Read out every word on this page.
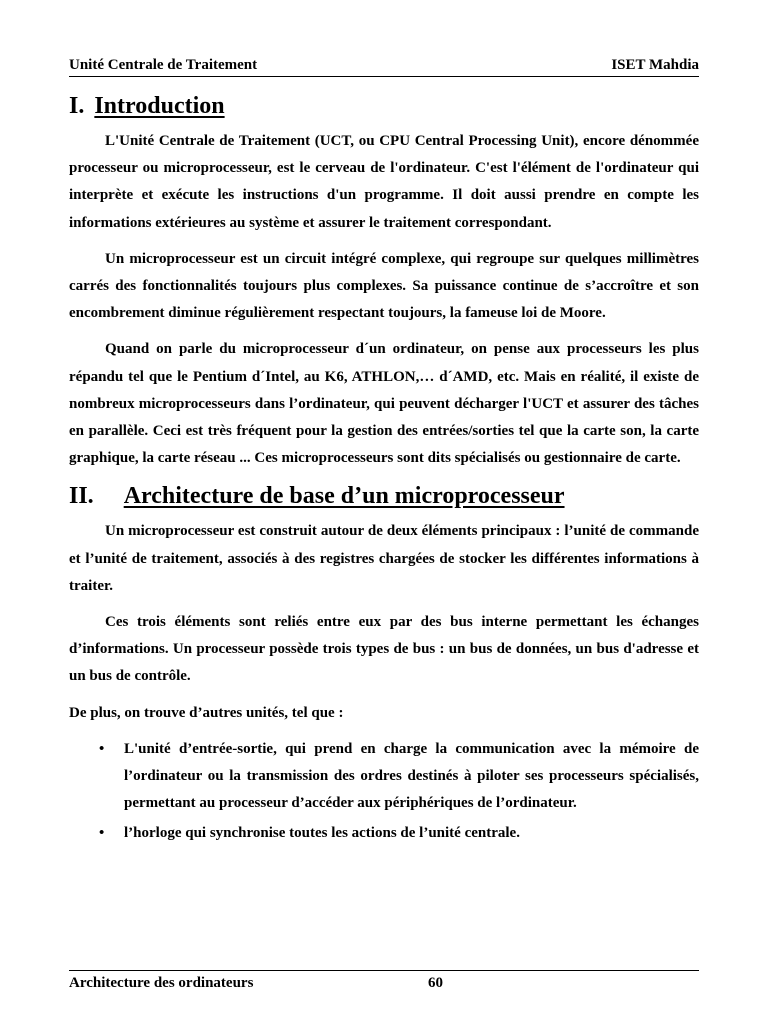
Unité Centrale de Traitement	ISET Mahdia
I. Introduction

L'Unité Centrale de Traitement (UCT, ou CPU Central Processing Unit), encore dénommée processeur ou microprocesseur, est le cerveau de l'ordinateur. C'est l'élément de l'ordinateur qui interprète et exécute les instructions d'un programme. Il doit aussi prendre en compte les informations extérieures au système et assurer le traitement correspondant.

Un microprocesseur est un circuit intégré complexe, qui regroupe sur quelques millimètres carrés des fonctionnalités toujours plus complexes. Sa puissance continue de s’accroître et son encombrement diminue régulièrement respectant toujours, la fameuse loi de Moore.

Quand on parle du microprocesseur d´un ordinateur, on pense aux processeurs les plus répandu tel que le Pentium d´Intel, au K6, ATHLON,… d´AMD, etc. Mais en réalité, il existe de nombreux microprocesseurs dans l’ordinateur, qui peuvent décharger l'UCT et assurer des tâches en parallèle. Ceci est très fréquent pour la gestion des entrées/sorties tel que la carte son, la carte graphique, la carte réseau ... Ces microprocesseurs sont dits spécialisés ou gestionnaire de carte.

II. Architecture de base d’un microprocesseur

Un microprocesseur est construit autour de deux éléments principaux : l’unité de commande et l’unité de traitement, associés à des registres chargées de stocker les différentes informations à traiter.

Ces trois éléments sont reliés entre eux par des bus interne permettant les échanges d’informations. Un processeur possède trois types de bus : un bus de données, un bus d'adresse et un bus de contrôle.

De plus, on trouve d’autres unités, tel que :

• L'unité d’entrée-sortie, qui prend en charge la communication avec la mémoire de l’ordinateur ou la transmission des ordres destinés à piloter ses processeurs spécialisés, permettant au processeur d’accéder aux périphériques de l’ordinateur.
• l’horloge qui synchronise toutes les actions de l’unité centrale.
Architecture des ordinateurs	60
